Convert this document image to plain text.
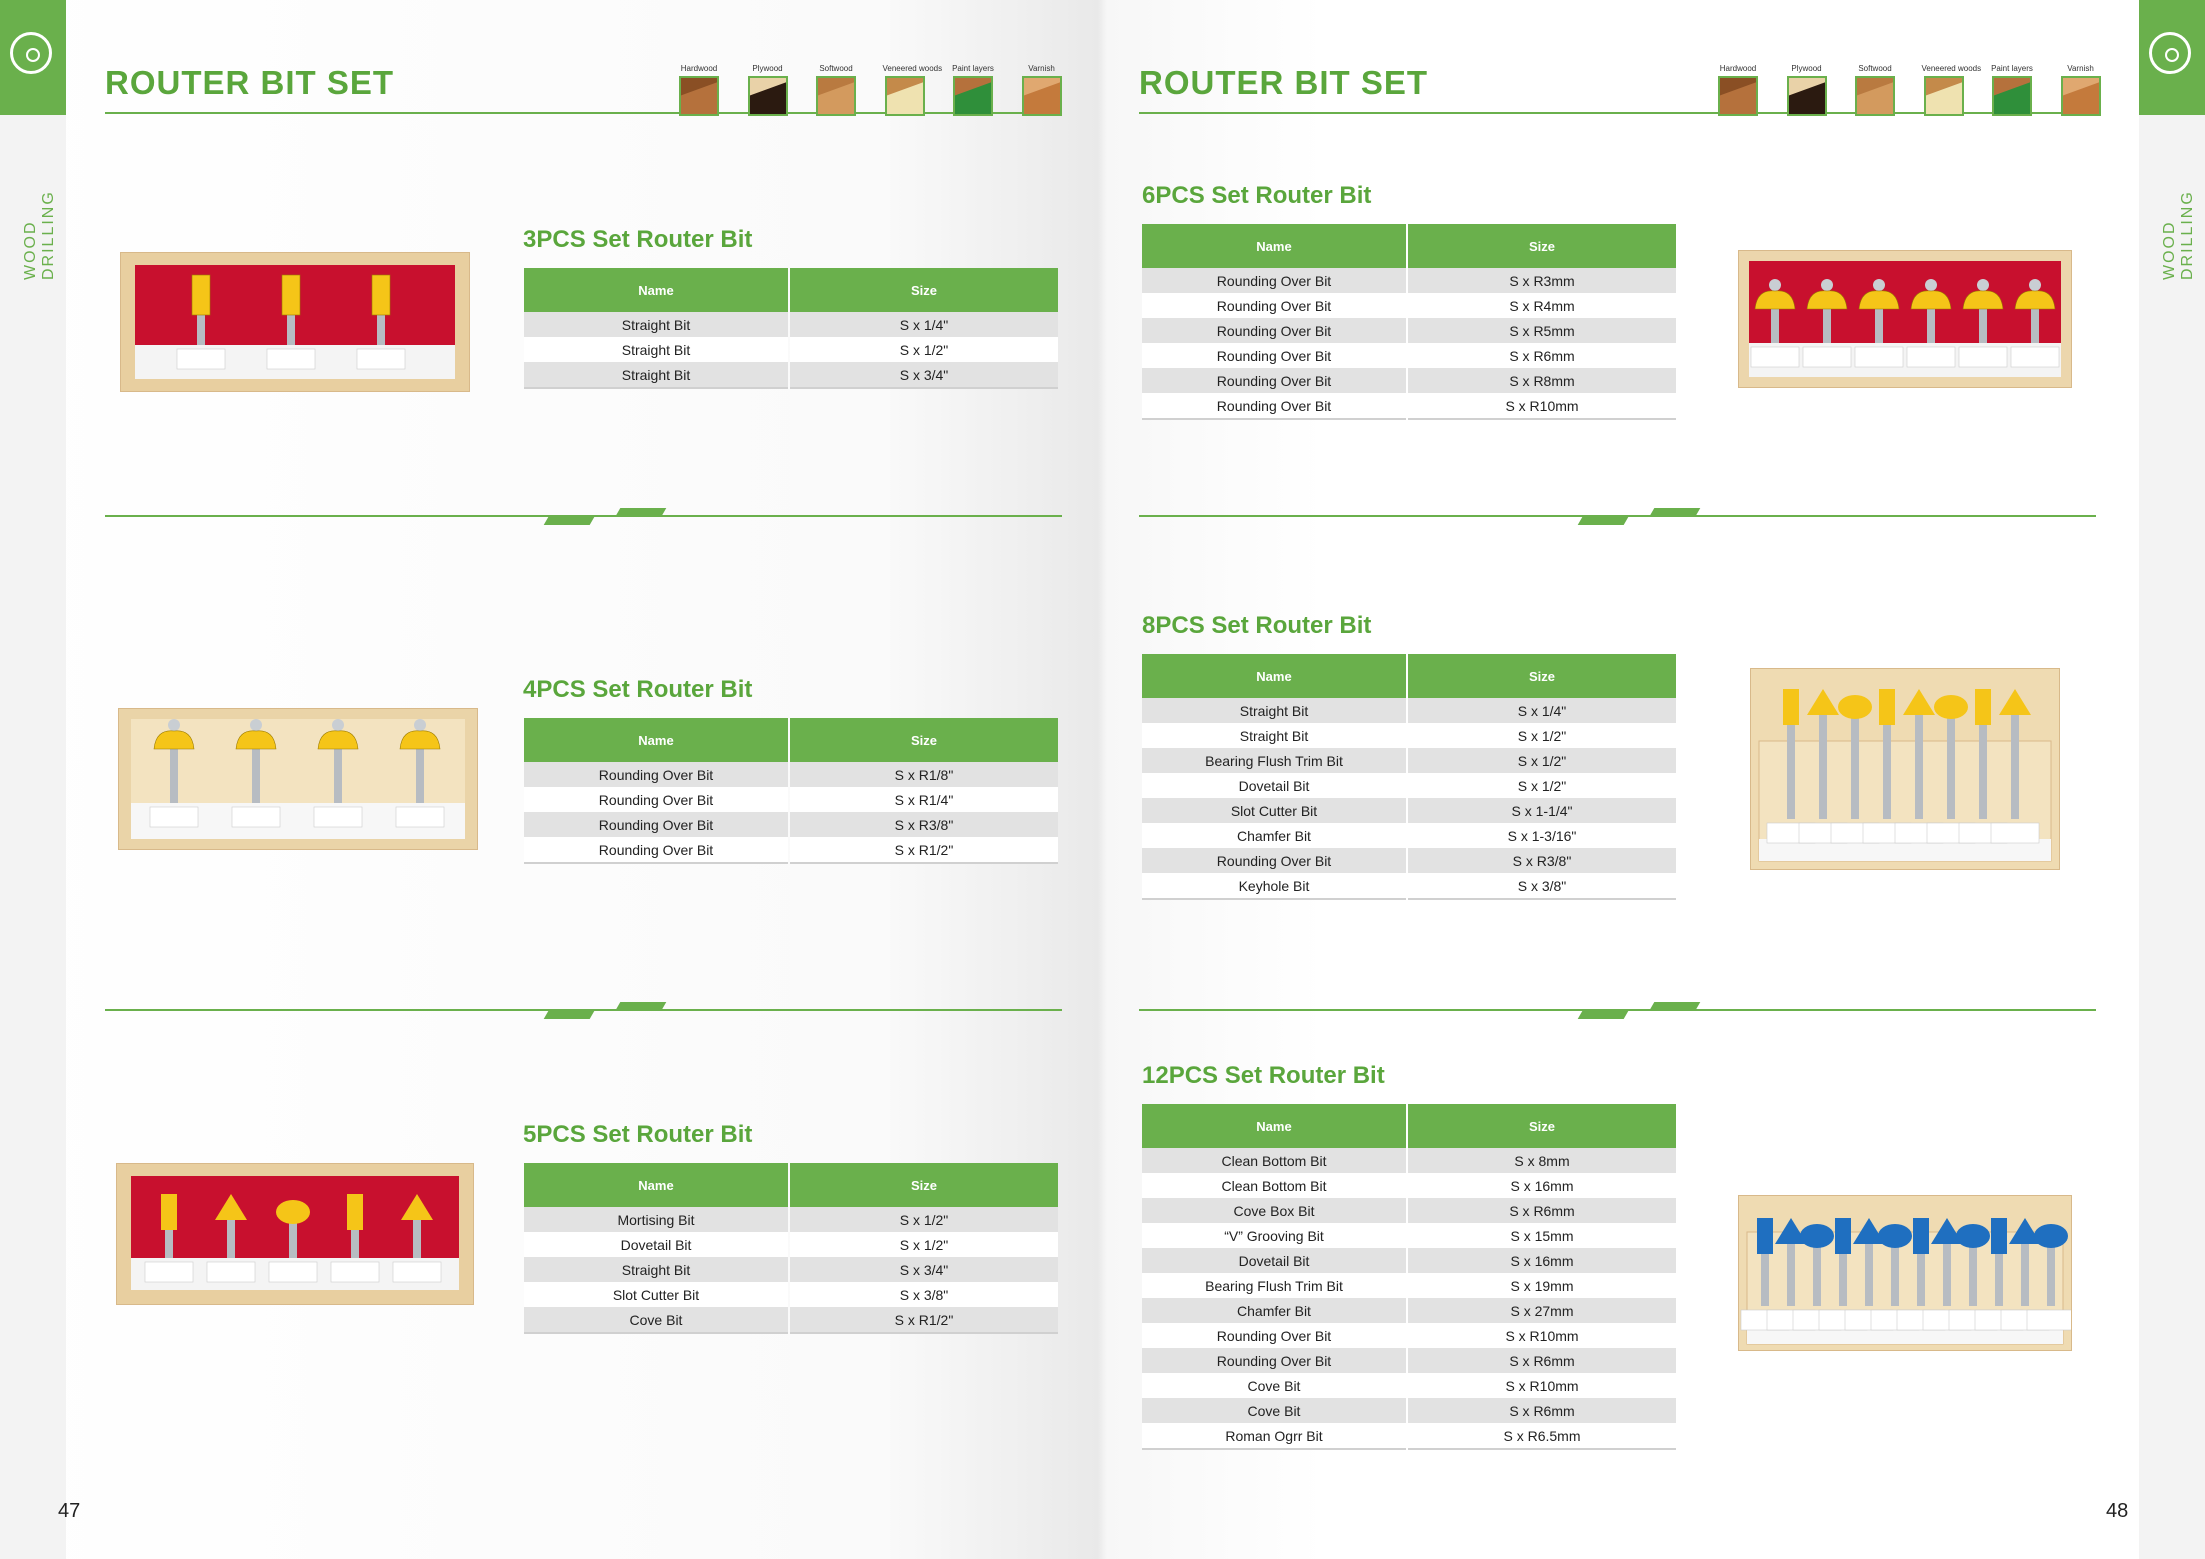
WOOD DRILLING	WOOD DRILLING
ROUTER BIT SET	ROUTER BIT SET
Hardwood	Plywood	Softwood	Veneered woods Paint layers	Varnish	Hardwood	Plywood	Softwood	Veneered woods Paint layers	Varnish
3PCS Set Router Bit
4PCS Set Router Bit
5PCS Set Router Bit
Name	Size
Straight Bit	S x 1/4"
Straight Bit	S x 1/2"
Straight Bit	S x 3/4"
Name	Size
Rounding Over Bit	S x R1/8"
Rounding Over Bit	S x R1/4"
Rounding Over Bit	S x R3/8"
Rounding Over Bit	S x R1/2"
Name	Size
Mortising Bit	S x 1/2"
Dovetail Bit	S x 1/2"
Straight Bit	S x 3/4"
Slot Cutter Bit	S x 3/8"
Cove Bit	S x R1/2"
6PCS Set Router Bit
8PCS Set Router Bit
12PCS Set Router Bit
Name	Size
Rounding Over Bit	S x R3mm
Rounding Over Bit	S x R4mm
Rounding Over Bit	S x R5mm
Rounding Over Bit	S x R6mm
Rounding Over Bit	S x R8mm
Rounding Over Bit	S x R10mm
Name	Size
Straight Bit	S x 1/4"
Straight Bit	S x 1/2"
Bearing Flush Trim Bit	S x 1/2"
Dovetail Bit	S x 1/2"
Slot Cutter Bit	S x 1-1/4"
Chamfer Bit	S x 1-3/16"
Rounding Over Bit	S x R3/8"
Keyhole Bit	S x 3/8"
Name	Size
Clean Bottom Bit	S x 8mm
Clean Bottom Bit	S x 16mm
Cove Box Bit	S x R6mm
“V” Grooving Bit	S x 15mm
Dovetail Bit	S x 16mm
Bearing Flush Trim Bit	S x 19mm
Chamfer Bit	S x 27mm
Rounding Over Bit	S x R10mm
Rounding Over Bit	S x R6mm
Cove Bit	S x R10mm
Cove Bit	S x R6mm
Roman Ogrr Bit	S x R6.5mm
47	48
